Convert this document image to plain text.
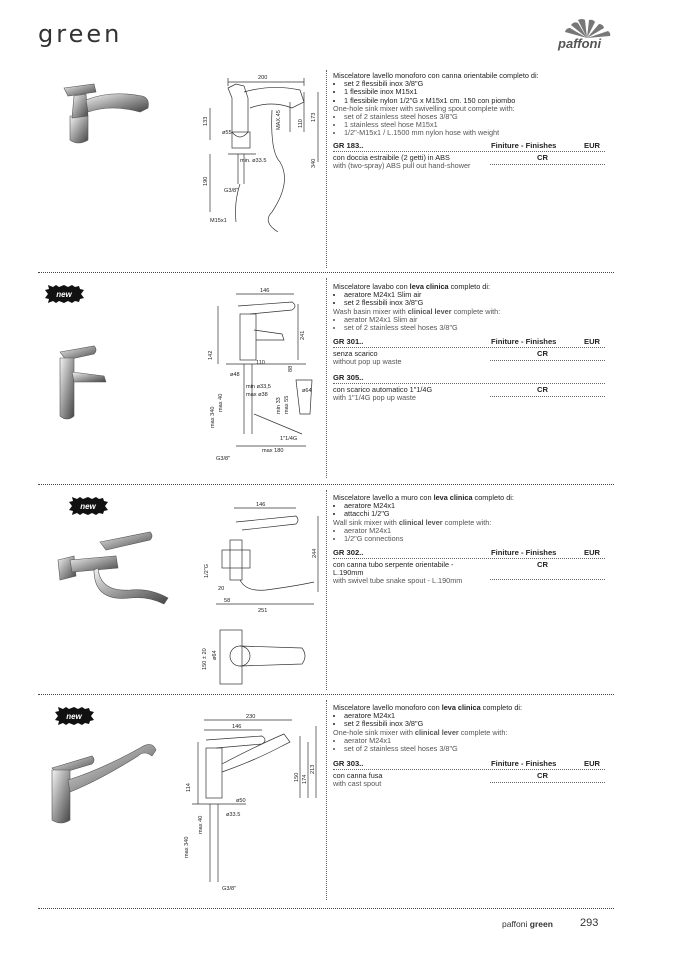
green	paffoni
200
133	MAX.45	110
173
ø55
min. ø33.5	340
190
G3/8"
M15x1
Miscelatore lavello monoforo con canna orientabile completo di:
• set 2 flessibili inox 3/8"G
• 1 flessibile inox M15x1
• 1 flessibile nylon 1/2"G x M15x1 cm. 150 con piombo
One-hole sink mixer with swivelling spout complete with:
• set of 2 stainless steel hoses 3/8"G
• 1 stainless steel hose M15x1
• 1/2"-M15x1 / L.1500 mm nylon hose with weight
GR 183..	Finiture - Finishes	EUR
con doccia estraibile (2 getti) in ABS
with (two-spray) ABS pull out hand-shower
CR
new	146
241
142
110
88
ø48
min ø33,5
max ø38
ø64
max 40
max 340
min 33 max 55
1"1/4G
max 180
G3/8"
Miscelatore lavabo con leva clinica completo di:
• aeratore M24x1 Slim air
• set 2 flessibili inox 3/8"G
Wash basin mixer with clinical lever complete with:
• aerator M24x1 Slim air
• set of 2 stainless steel hoses 3/8"G
GR 301..	Finiture - Finishes	EUR
senza scarico
without pop up waste
CR
GR 305..
con scarico automatico 1"1/4G
with 1"1/4G pop up waste
CR
new	146
244
1/2"G
20
58
251
150 ± 20 ø64
Miscelatore lavello a muro con leva clinica completo di:
• aeratore M24x1
• attacchi 1/2"G
Wall sink mixer with clinical lever complete with:
• aerator M24x1
• 1/2"G connections
GR 302..	Finiture - Finishes	EUR
con canna tubo serpente orientabile - L.190mm
with swivel tube snake spout - L.190mm
CR
new	230
146
150 174
213
114
ø50
ø33.5
max 40
max 340
G3/8"
Miscelatore lavello monoforo con leva clinica completo di:
• aeratore M24x1
• set 2 flessibili inox 3/8"G
One-hole sink mixer with clinical lever complete with:
• aerator M24x1
• set of 2 stainless steel hoses 3/8"G
GR 303..	Finiture - Finishes	EUR
con canna fusa
with cast spout
CR
paffoni green 293
